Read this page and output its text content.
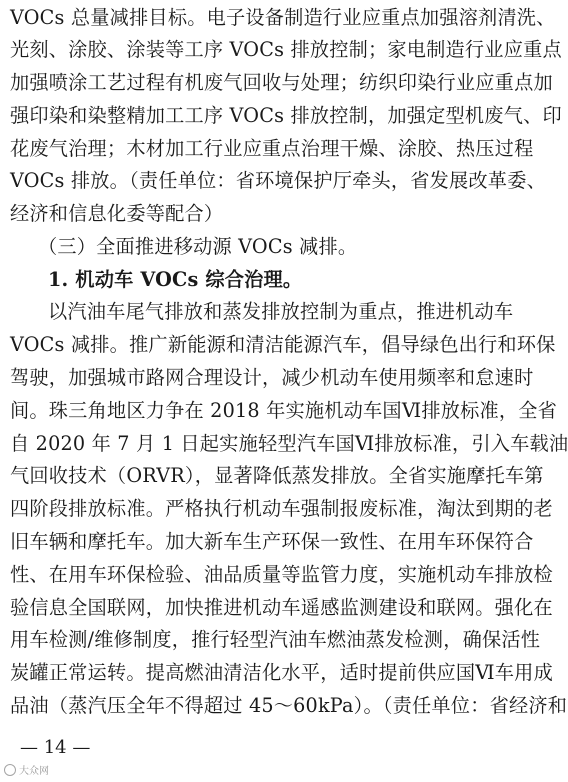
VOCs 总量减排目标。电子设备制造行业应重点加强溶剂清洗、
光刻、涂胶、涂装等工序 VOCs 排放控制；家电制造行业应重点
加强喷涂工艺过程有机废气回收与处理；纺织印染行业应重点加
强印染和染整精加工工序 VOCs 排放控制，加强定型机废气、印
花废气治理；木材加工行业应重点治理干燥、涂胶、热压过程
VOCs 排放。（责任单位：省环境保护厅牵头，省发展改革委、
经济和信息化委等配合）
（三）全面推进移动源 VOCs 减排。
1. 机动车 VOCs 综合治理。
以汽油车尾气排放和蒸发排放控制为重点，推进机动车
VOCs 减排。推广新能源和清洁能源汽车，倡导绿色出行和环保
驾驶，加强城市路网合理设计，减少机动车使用频率和怠速时
间。珠三角地区力争在 2018 年实施机动车国Ⅵ排放标准，全省
自 2020 年 7 月 1 日起实施轻型汽车国Ⅵ排放标准，引入车载油
气回收技术（ORVR），显著降低蒸发排放。全省实施摩托车第
四阶段排放标准。严格执行机动车强制报废标准，淘汰到期的老
旧车辆和摩托车。加大新车生产环保一致性、在用车环保符合
性、在用车环保检验、油品质量等监管力度，实施机动车排放检
验信息全国联网，加快推进机动车遥感监测建设和联网。强化在
用车检测/维修制度，推行轻型汽油车燃油蒸发检测，确保活性
炭罐正常运转。提高燃油清洁化水平，适时提前供应国Ⅵ车用成
品油（蒸汽压全年不得超过 45～60kPa）。（责任单位：省经济和
— 14 —
大众网
